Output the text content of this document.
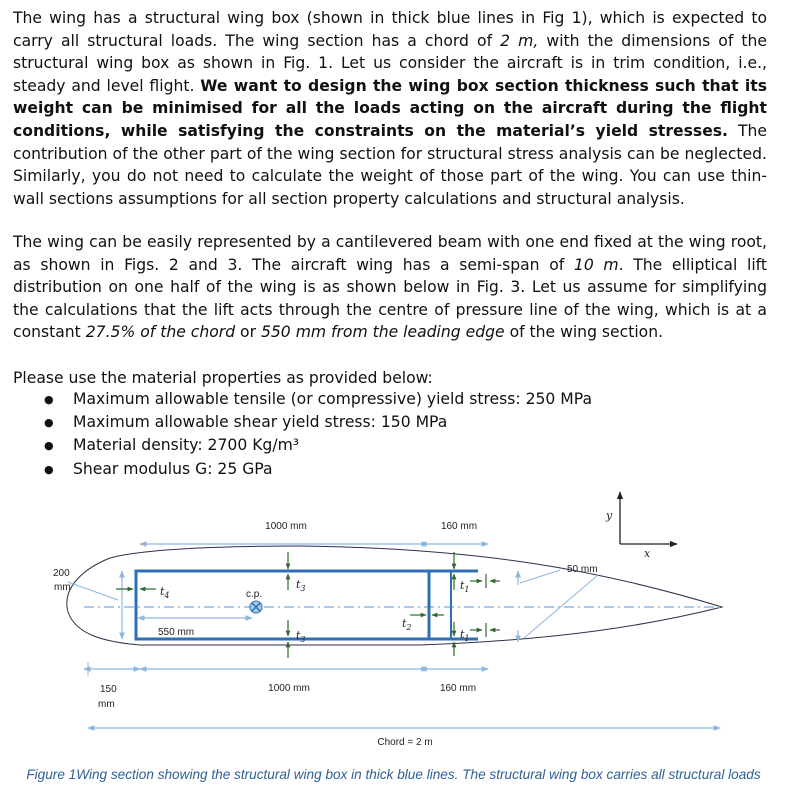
The wing has a structural wing box (shown in thick blue lines in Fig 1), which is expected to carry all structural loads. The wing section has a chord of 2 m, with the dimensions of the structural wing box as shown in Fig. 1. Let us consider the aircraft is in trim condition, i.e., steady and level flight. We want to design the wing box section thickness such that its weight can be minimised for all the loads acting on the aircraft during the flight conditions, while satisfying the constraints on the material’s yield stresses. The contribution of the other part of the wing section for structural stress analysis can be neglected. Similarly, you do not need to calculate the weight of those part of the wing. You can use thin-wall sections assumptions for all section property calculations and structural analysis.

The wing can be easily represented by a cantilevered beam with one end fixed at the wing root, as shown in Figs. 2 and 3. The aircraft wing has a semi-span of 10 m. The elliptical lift distribution on one half of the wing is as shown below in Fig. 3. Let us assume for simplifying the calculations that the lift acts through the centre of pressure line of the wing, which is at a constant 27.5% of the chord or 550 mm from the leading edge of the wing section.

Please use the material properties as provided below:

● Maximum allowable tensile (or compressive) yield stress: 250 MPa
● Maximum allowable shear yield stress: 150 MPa
● Material density: 2700 Kg/m³
● Shear modulus G: 25 GPa
1000 mm	160 mm
1000 mm	160 mm
200
mm
150
mm
550 mm
50 mm
c.p.
Chord = 2 m
$t_3$
$t_3$
$t_4$
$t_2$
$t_1$
$t_1$
y
x

Figure 1Wing section showing the structural wing box in thick blue lines. The structural wing box carries all structural loads
